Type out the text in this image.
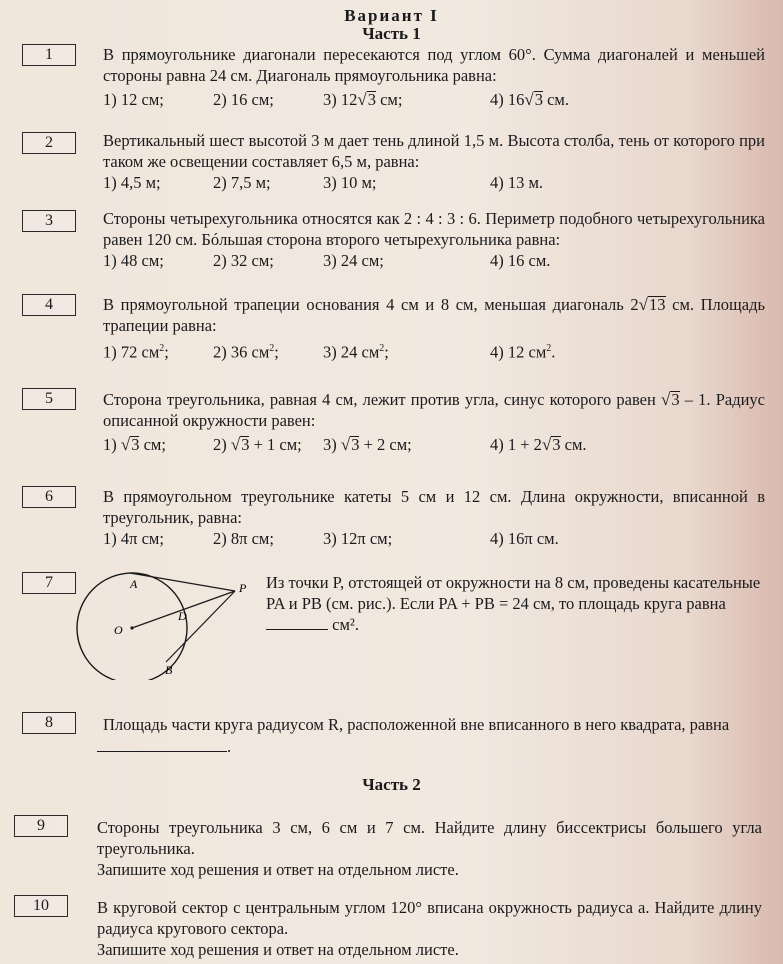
Вариант I
Часть 1
1	В прямоугольнике диагонали пересекаются под углом 60°. Сумма диагоналей и меньшей стороны равна 24 см. Диагональ прямоугольника равна:
1) 12 см;	2) 16 см;	3) 12√3 см;	4) 16√3 см.
2	Вертикальный шест высотой 3 м дает тень длиной 1,5 м. Высота столба, тень от которого при таком же освещении составляет 6,5 м, равна:
1) 4,5 м;	2) 7,5 м;	3) 10 м;	4) 13 м.
3	Стороны четырехугольника относятся как 2 : 4 : 3 : 6. Периметр подобного четырехугольника равен 120 см. Бóльшая сторона второго четырехугольника равна:
1) 48 см;	2) 32 см;	3) 24 см;	4) 16 см.
4	В прямоугольной трапеции основания 4 см и 8 см, меньшая диагональ 2√13 см. Площадь трапеции равна:
1) 72 $см^2$;	2) 36 $см^2$;	3) 24 $см^2$;	4) 12 $см^2$.
5	Сторона треугольника, равная 4 см, лежит против угла, синус которого равен √3 – 1. Радиус описанной окружности равен:
1) √3 см;	2) √3 + 1 см; 3) √3 + 2 см;	4) 1 + 2√3 см.
6	В прямоугольном треугольнике катеты 5 см и 12 см. Длина окружности, вписанной в треугольник, равна:
1) 4π см;	2) 8π см;	3) 12π см;	4) 16π см.
7	Из точки P, отстоящей от окружности на 8 см, проведены касательные PA и PB (см. рис.). Если PA + PB = 24 см, то площадь круга равна  см².
A	P
O
D
B
8	Площадь части круга радиусом R, расположенной вне вписанного в него квадрата, равна
.
Часть 2
9	Стороны треугольника 3 см, 6 см и 7 см. Найдите длину биссектрисы большего угла треугольника.
Запишите ход решения и ответ на отдельном листе.
10	В круговой сектор с центральным углом 120° вписана окружность радиуса a. Найдите длину радиуса кругового сектора.
Запишите ход решения и ответ на отдельном листе.
